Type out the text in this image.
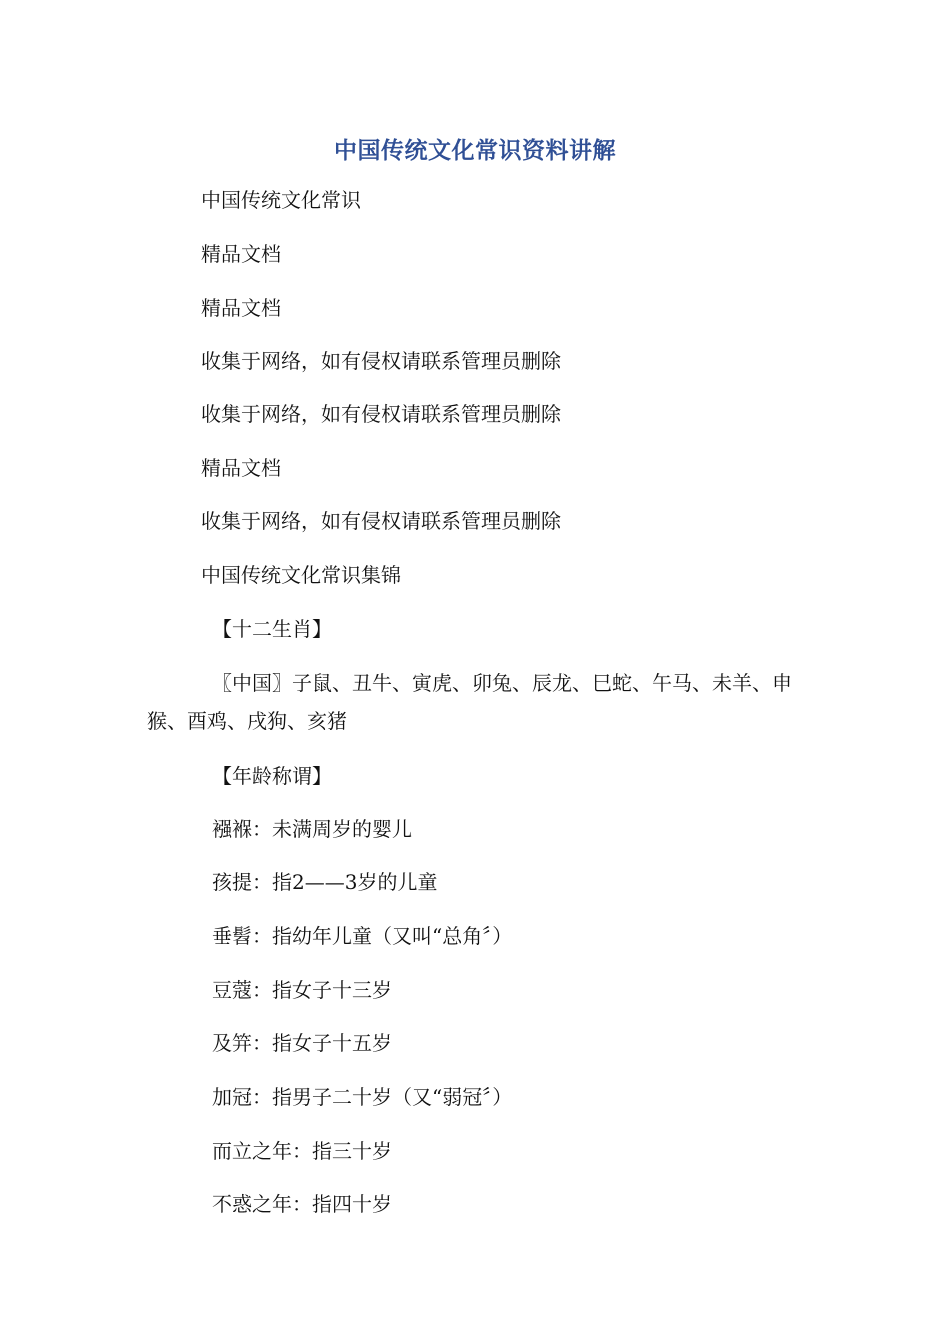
中国传统文化常识资料讲解
中国传统文化常识
精品文档
精品文档
收集于网络，如有侵权请联系管理员删除
收集于网络，如有侵权请联系管理员删除
精品文档
收集于网络，如有侵权请联系管理员删除
中国传统文化常识集锦
【十二生肖】
〖中国〗子鼠、丑牛、寅虎、卯兔、辰龙、巳蛇、午马、未羊、申猴、酉鸡、戌狗、亥猪
【年龄称谓】
襁褓：未满周岁的婴儿
孩提：指2——3岁的儿童
垂髫：指幼年儿童（又叫“总角〞）
豆蔻：指女子十三岁
及笄：指女子十五岁
加冠：指男子二十岁（又“弱冠〞）
而立之年：指三十岁
不惑之年：指四十岁
